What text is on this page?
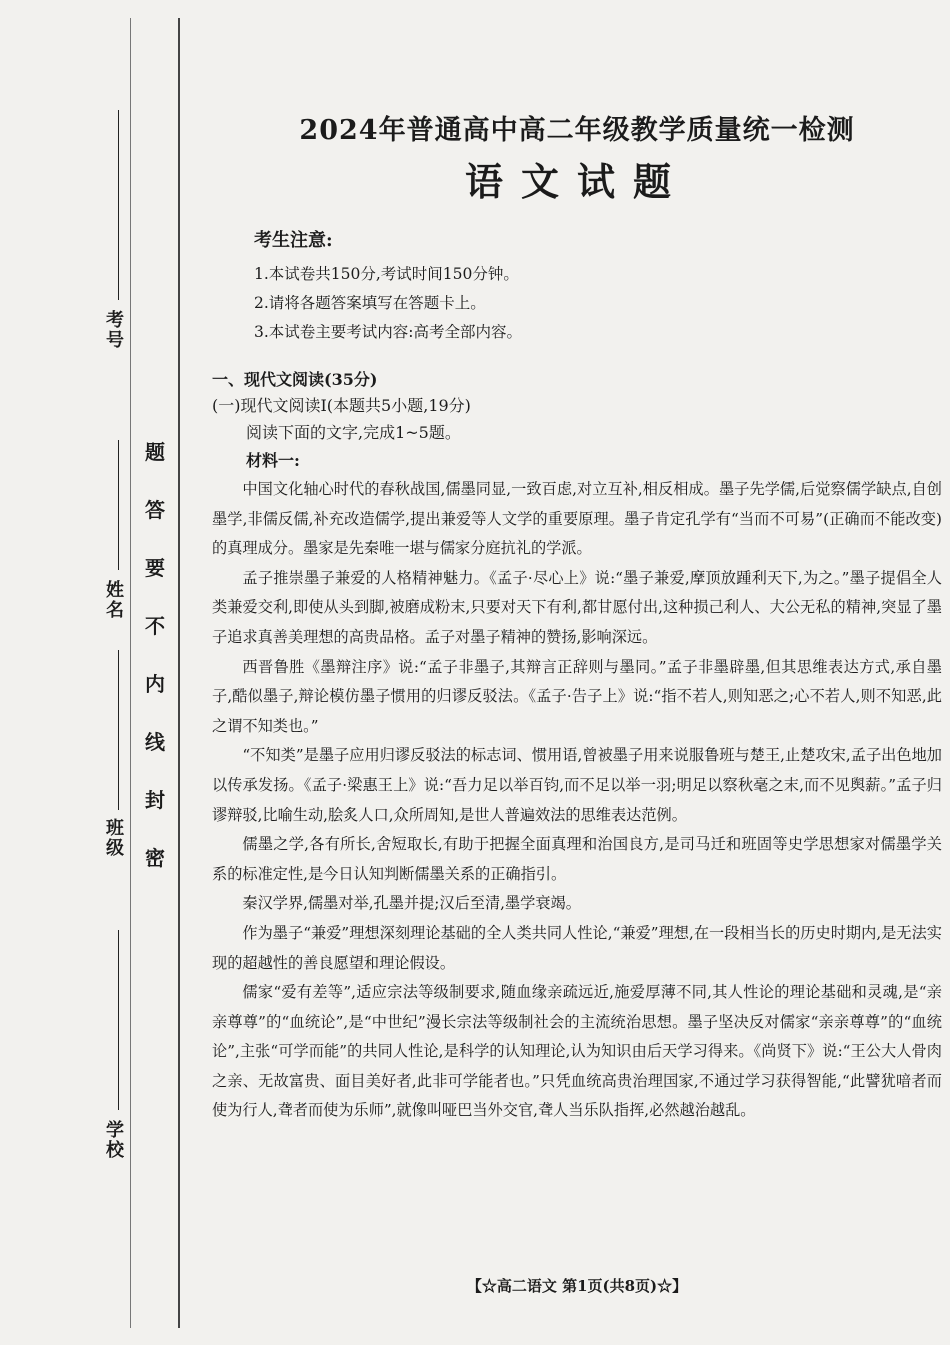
考号
姓名
班级
学校
题
答
要
不
内
线
封
密
2024年普通高中高二年级教学质量统一检测
语文试题
考生注意:
1.本试卷共150分,考试时间150分钟。
2.请将各题答案填写在答题卡上。
3.本试卷主要考试内容:高考全部内容。
一、现代文阅读(35分)
(一)现代文阅读Ⅰ(本题共5小题,19分)
阅读下面的文字,完成1~5题。
材料一:

中国文化轴心时代的春秋战国,儒墨同显,一致百虑,对立互补,相反相成。墨子先学儒,后觉察儒学缺点,自创墨学,非儒反儒,补充改造儒学,提出兼爱等人文学的重要原理。墨子肯定孔学有“当而不可易”(正确而不能改变)的真理成分。墨家是先秦唯一堪与儒家分庭抗礼的学派。

孟子推崇墨子兼爱的人格精神魅力。《孟子·尽心上》说:“墨子兼爱,摩顶放踵利天下,为之。”墨子提倡全人类兼爱交利,即使从头到脚,被磨成粉末,只要对天下有利,都甘愿付出,这种损己利人、大公无私的精神,突显了墨子追求真善美理想的高贵品格。孟子对墨子精神的赞扬,影响深远。

西晋鲁胜《墨辩注序》说:“孟子非墨子,其辩言正辞则与墨同。”孟子非墨辟墨,但其思维表达方式,承自墨子,酷似墨子,辩论模仿墨子惯用的归谬反驳法。《孟子·告子上》说:“指不若人,则知恶之;心不若人,则不知恶,此之谓不知类也。”

“不知类”是墨子应用归谬反驳法的标志词、惯用语,曾被墨子用来说服鲁班与楚王,止楚攻宋,孟子出色地加以传承发扬。《孟子·梁惠王上》说:“吾力足以举百钧,而不足以举一羽;明足以察秋毫之末,而不见舆薪。”孟子归谬辩驳,比喻生动,脍炙人口,众所周知,是世人普遍效法的思维表达范例。

儒墨之学,各有所长,舍短取长,有助于把握全面真理和治国良方,是司马迁和班固等史学思想家对儒墨学关系的标准定性,是今日认知判断儒墨关系的正确指引。

秦汉学界,儒墨对举,孔墨并提;汉后至清,墨学衰竭。

作为墨子“兼爱”理想深刻理论基础的全人类共同人性论,“兼爱”理想,在一段相当长的历史时期内,是无法实现的超越性的善良愿望和理论假设。

儒家“爱有差等”,适应宗法等级制要求,随血缘亲疏远近,施爱厚薄不同,其人性论的理论基础和灵魂,是“亲亲尊尊”的“血统论”,是“中世纪”漫长宗法等级制社会的主流统治思想。墨子坚决反对儒家“亲亲尊尊”的“血统论”,主张“可学而能”的共同人性论,是科学的认知理论,认为知识由后天学习得来。《尚贤下》说:“王公大人骨肉之亲、无故富贵、面目美好者,此非可学能者也。”只凭血统高贵治理国家,不通过学习获得智能,“此譬犹喑者而使为行人,聋者而使为乐师”,就像叫哑巴当外交官,聋人当乐队指挥,必然越治越乱。

【☆高二语文 第1页(共8页)☆】
